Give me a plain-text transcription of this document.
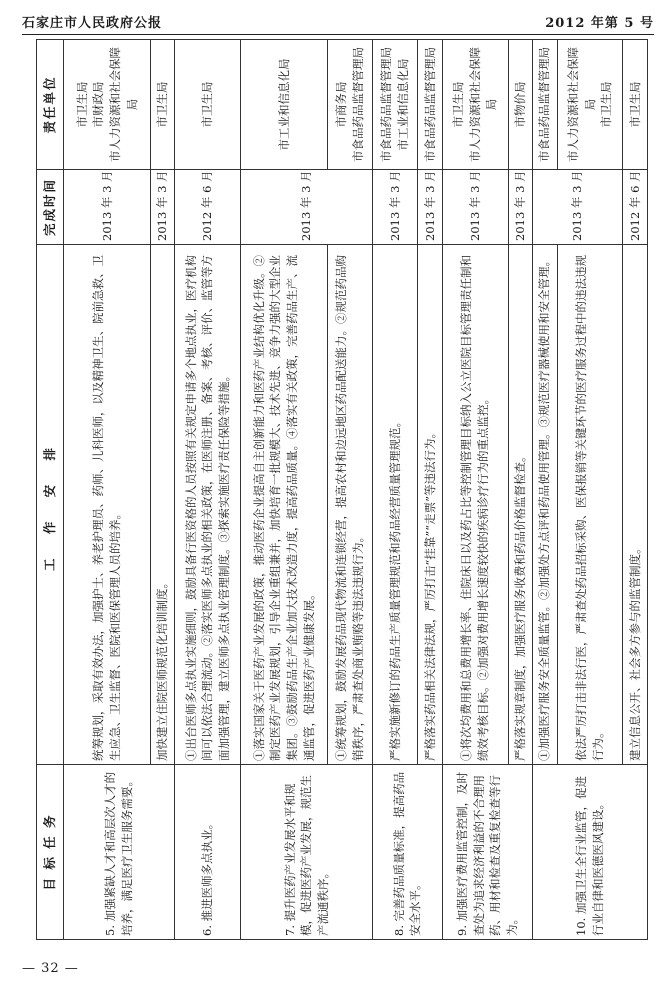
石家庄市人民政府公报	2012 年第 5 号
目 标 任 务	工 作 安 排	完成时间	责任单位
5. 加强紧缺人才和高层次人才的培养，满足医疗卫生服务需要。	统筹规划，采取有效办法，加强护士、养老护理员、药师、儿科医师，以及精神卫生、院前急救、卫生应急、卫生监督、医院和医保管理人员的培养。	2013 年 3 月	市卫生局 市财政局 市人力资源和社会保障局

	加快建立住院医师规范化培训制度。	2013 年 3 月	市卫生局

6. 推进医师多点执业。	①出台医师多点执业实施细则，鼓励具备行医资格的人员按照有关规定申请多个地点执业，医疗机构间可以依法合理流动。②落实医师多点执业的相关政策，在医师注册、备案、考核、评价、监管等方面加强管理，建立医师多点执业管理制度。③探索实施医疗责任保险等措施。	2012 年 6 月	市卫生局

7. 提升医药产业发展水平和规模，促进医药产业发展，规范生产流通秩序。	①落实国家关于医药产业发展的政策，推动医药企业提高自主创新能力和医药产业结构优化升级。②制定医药产业发展规划，引导企业重组兼并，加快培育一批规模大、技术先进、竞争力强的大型企业集团。③鼓励药品生产企业加大技术改造力度，提高药品质量。④落实有关政策，完善药品生产、流通监管，促进医药产业健康发展。	2013 年 3 月	市工业和信息化局

	①统筹规划，鼓励发展药品现代物流和连锁经营，提高农村和边远地区药品配送能力。②规范药品购销秩序，严肃查处商业贿赂等违法违规行为。		市商务局 市食品药品监督管理局

8. 完善药品质量标准，提高药品安全水平。	严格实施新修订的药品生产质量管理规范和药品经营质量管理规范。	2013 年 3 月	市食品药品监督管理局 市工业和信息化局

	严格落实药品相关法律法规，严厉打击“挂靠”“走票”等违法行为。	2013 年 3 月	市食品药品监督管理局

9. 加强医疗费用监管控制，及时查处为追求经济利益的不合理用药、用材和检查及重复检查等行为。	①将次均费用和总费用增长率、住院床日以及药占比等控制管理目标纳入公立医院目标管理责任制和绩效考核目标。②加强对费用增长速度较快的疾病诊疗行为的重点监控。	2013 年 3 月	市卫生局 市人力资源和社会保障局

	严格落实规章制度，加强医疗服务收费和药品价格监督检查。	2013 年 3 月	市物价局

10. 加强卫生全行业监管，促进行业自律和医德医风建设。	①加强医疗服务安全质量监管。②加强处方点评和药品使用管理。③规范医疗器械使用和安全管理。	2013 年 3 月	市食品药品监督管理局

	依法严厉打击非法行医，严肃查处药品招标采购、医保报销等关键环节的医疗服务过程中的违法违规行为。		市人力资源和社会保障局 市卫生局

	建立信息公开、社会多方参与的监管制度。	2012 年 6 月	市卫生局
— 32 —
